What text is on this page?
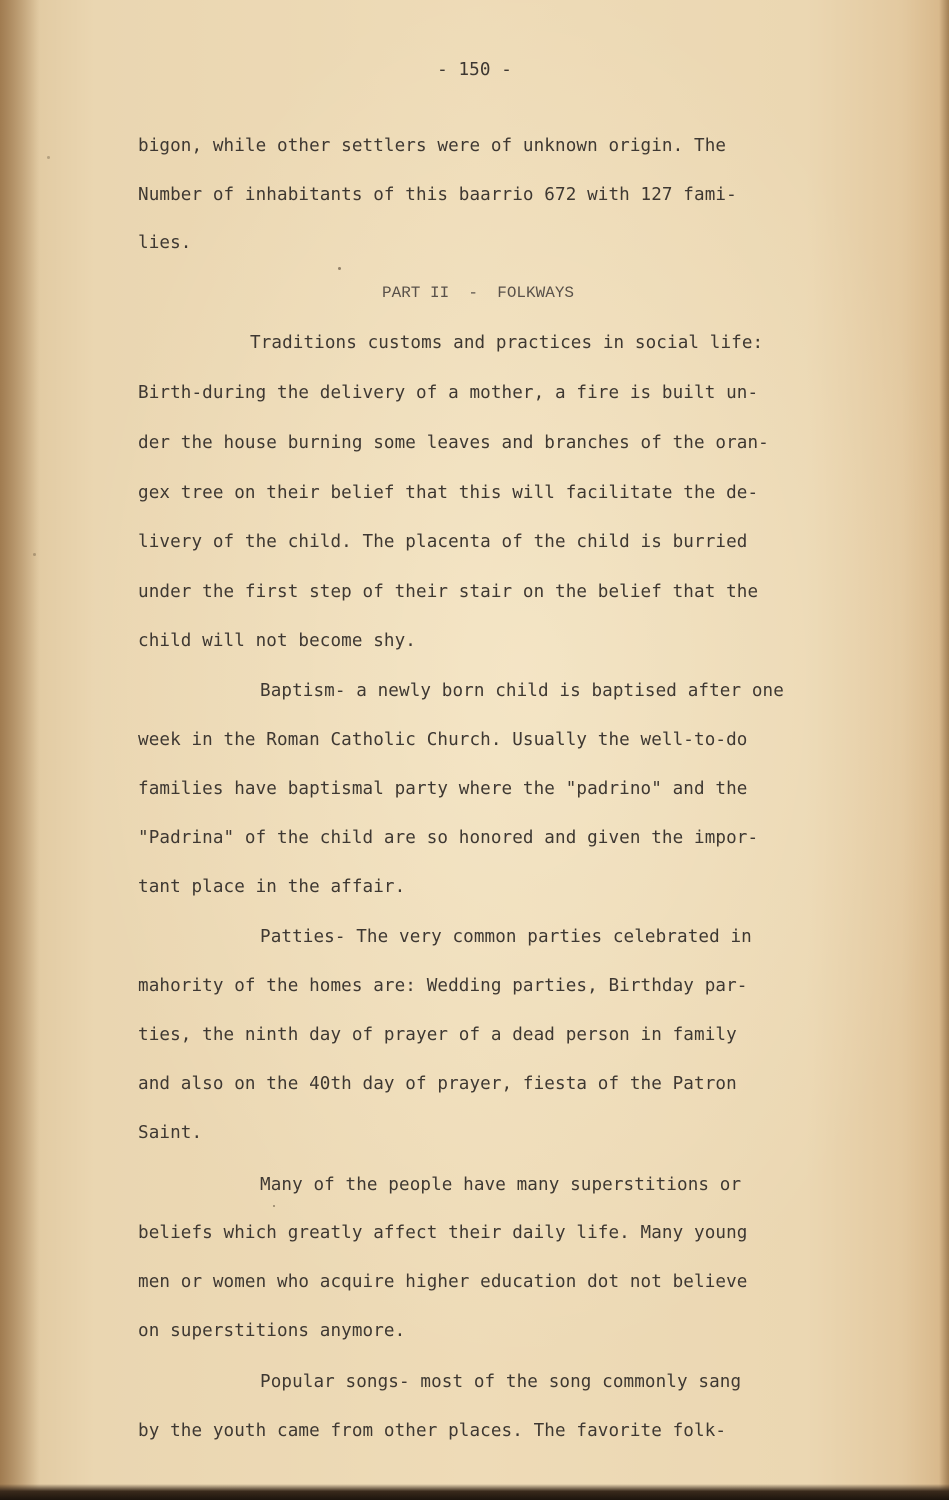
- 150 -
bigon, while other settlers were of unknown origin. The
Number of inhabitants of this baarrio 672 with 127 fami-
lies.
PART II  -  FOLKWAYS
Traditions customs and practices in social life:
Birth-during the delivery of a mother, a fire is built un-
der the house burning some leaves and branches of the oran-
gex tree on their belief that this will facilitate the de-
livery of the child. The placenta of the child is burried
under the first step of their stair on the belief that the
child will not become shy.
Baptism- a newly born child is baptised after one
week in the Roman Catholic Church. Usually the well-to-do
families have baptismal party where the "padrino" and the
"Padrina" of the child are so honored and given the impor-
tant place in the affair.
Patties- The very common parties celebrated in
mahority of the homes are: Wedding parties, Birthday par-
ties, the ninth day of prayer of a dead person in family
and also on the 40th day of prayer, fiesta of the Patron
Saint.
Many of the people have many superstitions or
beliefs which greatly affect their daily life. Many young
men or women who acquire higher education dot not believe
on superstitions anymore.
Popular songs- most of the song commonly sang
by the youth came from other places. The favorite folk-
